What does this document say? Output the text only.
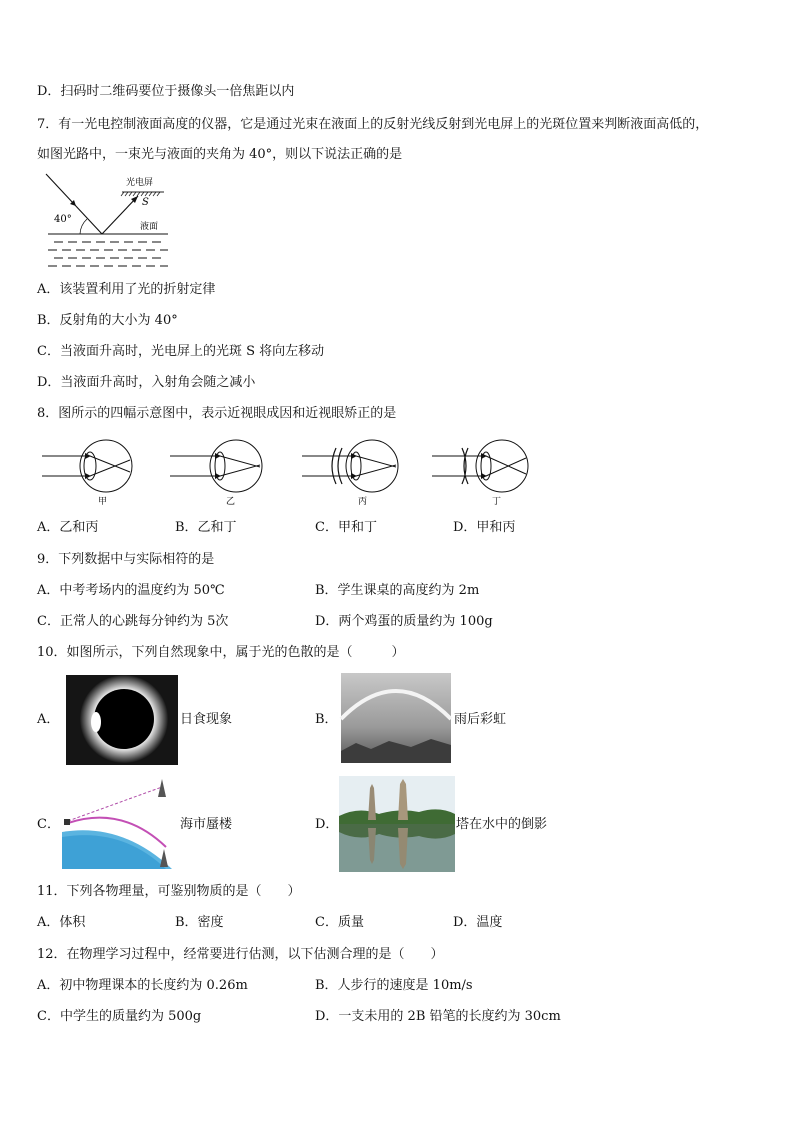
D．扫码时二维码要位于摄像头一倍焦距以内
7．有一光电控制液面高度的仪器，它是通过光束在液面上的反射光线反射到光电屏上的光斑位置来判断液面高低的，
如图光路中，一束光与液面的夹角为 40°，则以下说法正确的是
光电屏
S
40°
液面
A．该装置利用了光的折射定律
B．反射角的大小为 40°
C．当液面升高时，光电屏上的光斑 S 将向左移动
D．当液面升高时，入射角会随之减小
8．图所示的四幅示意图中，表示近视眼成因和近视眼矫正的是
甲	乙	丙	丁
A．乙和丙	B．乙和丁	C．甲和丁	D．甲和丙
9．下列数据中与实际相符的是
A．中考考场内的温度约为 50℃	B．学生课桌的高度约为 2m
C．正常人的心跳每分钟约为 5次	D．两个鸡蛋的质量约为 100g
10．如图所示，下列自然现象中，属于光的色散的是（　　　）
A．	日食现象	B．	雨后彩虹
C．	海市蜃楼	D．	塔在水中的倒影
11．下列各物理量，可鉴别物质的是（　　）
A．体积	B．密度	C．质量	D．温度
12．在物理学习过程中，经常要进行估测，以下估测合理的是（　　）
A．初中物理课本的长度约为 0.26m	B．人步行的速度是 10m/s
C．中学生的质量约为 500g	D．一支未用的 2B 铅笔的长度约为 30cm
